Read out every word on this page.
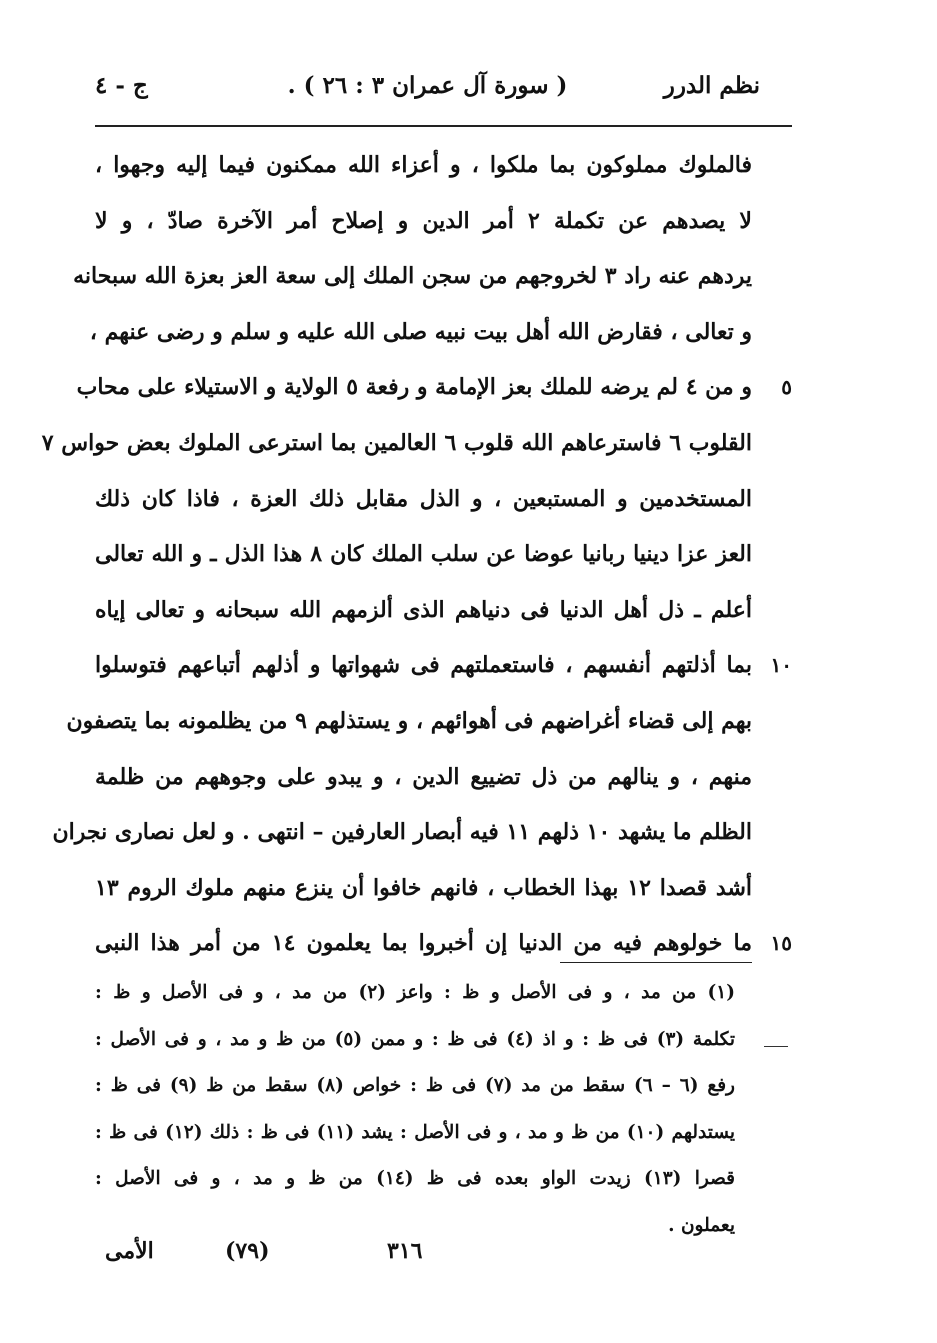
نظم الدرر
( سورة آل عمران ٣ : ٢٦ ) .
ج - ٤
فالملوك مملوكون بما ملكوا ، و أعزاء الله ممكنون فيما إليه وجهوا ،
لا يصدهم عن تكملة ٢ أمر الدين و إصلاح أمر الآخرة صادّ ، و لا
يردهم عنه راد ٣ لخروجهم من سجن الملك إلى سعة العز بعزة الله سبحانه
و تعالى ، فقارض الله أهل بيت نبيه صلى الله عليه و سلم و رضى عنهم ،
٥
و من ٤ لم يرضه للملك بعز الإمامة و رفعة ٥ الولاية و الاستيلاء على محاب
القلوب ٦ فاسترعاهم الله قلوب ٦ العالمين بما استرعى الملوك بعض حواس ٧
المستخدمين و المستبعين ، و الذل مقابل ذلك العزة ، فاذا كان ذلك
العز عزا دينيا ربانيا عوضا عن سلب الملك كان ٨ هذا الذل ـ و الله تعالى
أعلم ـ ذل أهل الدنيا فى دنياهم الذى ألزمهم الله سبحانه و تعالى إياه
١٠
بما أذلتهم أنفسهم ، فاستعملتهم فى شهواتها و أذلهم أتباعهم فتوسلوا
بهم إلى قضاء أغراضهم فى أهوائهم ، و يستذلهم ٩ من يظلمونه بما يتصفون
منهم ، و ينالهم من ذل تضييع الدين ، و يبدو على وجوههم من ظلمة
الظلم ما يشهد ١٠ ذلهم ١١ فيه أبصار العارفين – انتهى . و لعل نصارى نجران
أشد قصدا ١٢ بهذا الخطاب ، فانهم خافوا أن ينزع منهم ملوك الروم ١٣
١٥
ما خولوهم فيه من الدنيا إن أخبروا بما يعلمون ١٤ من أمر هذا النبى
(١) من مد ، و فى الأصل و ظ : واعز (٢) من مد ، و فى الأصل و ظ :
تكلمة (٣) فى ظ : و اذ (٤) فى ظ : و ممن (٥) من ظ و مد ، و فى الأصل :
رفع (٦ – ٦) سقط من مد (٧) فى ظ : خواص (٨) سقط من ظ (٩) فى ظ :
يستدلهم (١٠) من ظ و مد ، و فى الأصل : يشد (١١) فى ظ : ذلك (١٢) فى ظ :
قصرا (١٣) زيدت الواو بعده فى ظ (١٤) من ظ و مد ، و فى الأصل :
يعملون .
٣١٦
(٧٩)
الأمى
